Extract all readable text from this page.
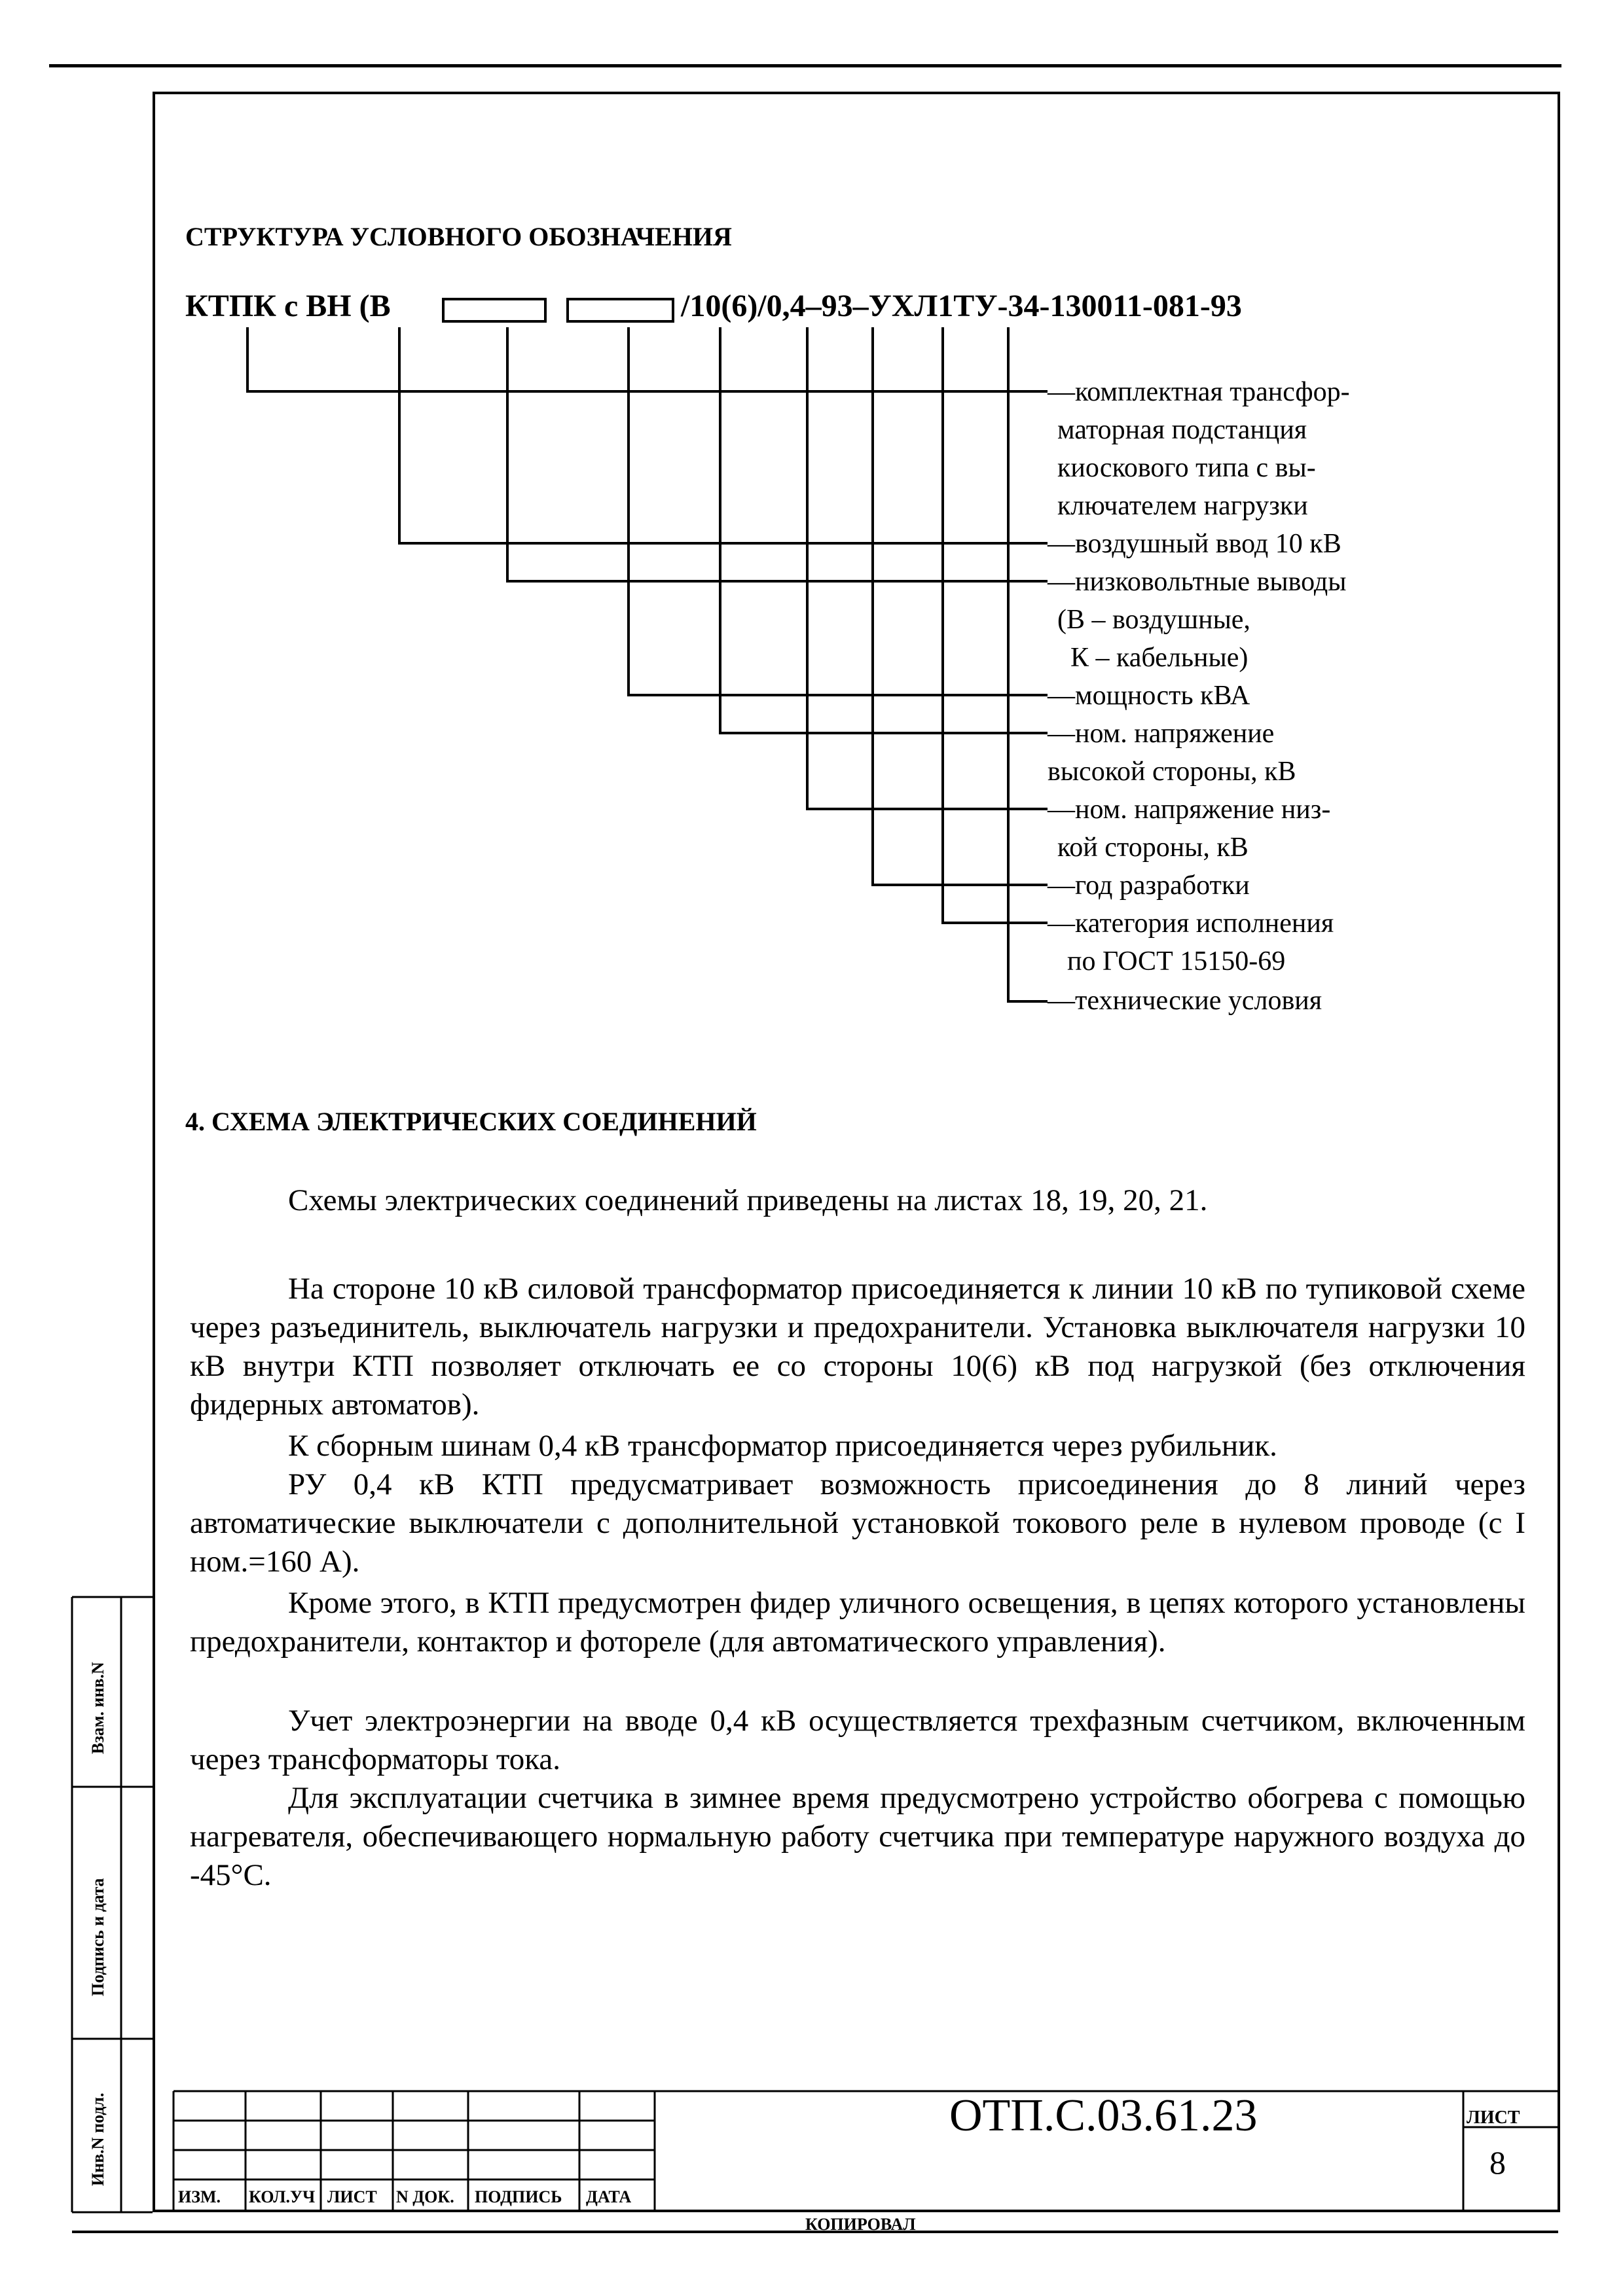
СТРУКТУРА УСЛОВНОГО ОБОЗНАЧЕНИЯ
КТПК с ВН (В	/10(6)/0,4–93–УХЛ1ТУ-34-130011-081-93
—комплектная трансфор-
маторная подстанция
киоскового типа с вы-
ключателем нагрузки
—воздушный ввод 10 кВ
—низковольтные выводы
(В – воздушные,
К – кабельные)
—мощность кВА
—ном. напряжение
высокой стороны, кВ
—ном. напряжение низ-
кой стороны, кВ
—год разработки
—категория исполнения
по ГОСТ 15150-69
—технические условия
4. СХЕМА ЭЛЕКТРИЧЕСКИХ СОЕДИНЕНИЙ
Схемы электрических соединений приведены на листах 18, 19, 20, 21.
На стороне 10 кВ силовой трансформатор присоединяется к линии 10 кВ по тупиковой схеме через разъединитель, выключатель нагрузки и предохранители. Установка выключателя нагрузки 10 кВ внутри КТП позволяет отключать ее со стороны 10(6) кВ под нагрузкой (без отключения фидерных автоматов).
К сборным шинам 0,4 кВ трансформатор присоединяется через рубильник.
РУ 0,4 кВ КТП предусматривает возможность присоединения до 8 линий через автоматические выключатели с дополнительной установкой токового реле в нулевом проводе (с I ном.=160 А).
Кроме этого, в КТП предусмотрен фидер уличного освещения, в цепях которого установлены предохранители, контактор и фотореле (для автоматического управления).
Учет электроэнергии на вводе 0,4 кВ осуществляется трехфазным счетчиком, включенным через трансформаторы тока.
Для эксплуатации счетчика в зимнее время предусмотрено устройство обогрева с помощью нагревателя, обеспечивающего нормальную работу счетчика при температуре наружного воздуха до -45°С.
ИЗМ. КОЛ.УЧ ЛИСТ N ДОК. ПОДПИСЬ ДАТА
ОТП.С.03.61.23	ЛИСТ
8
КОПИРОВАЛ
Взам. инв.N
Подпись и дата
Инв.N подл.
